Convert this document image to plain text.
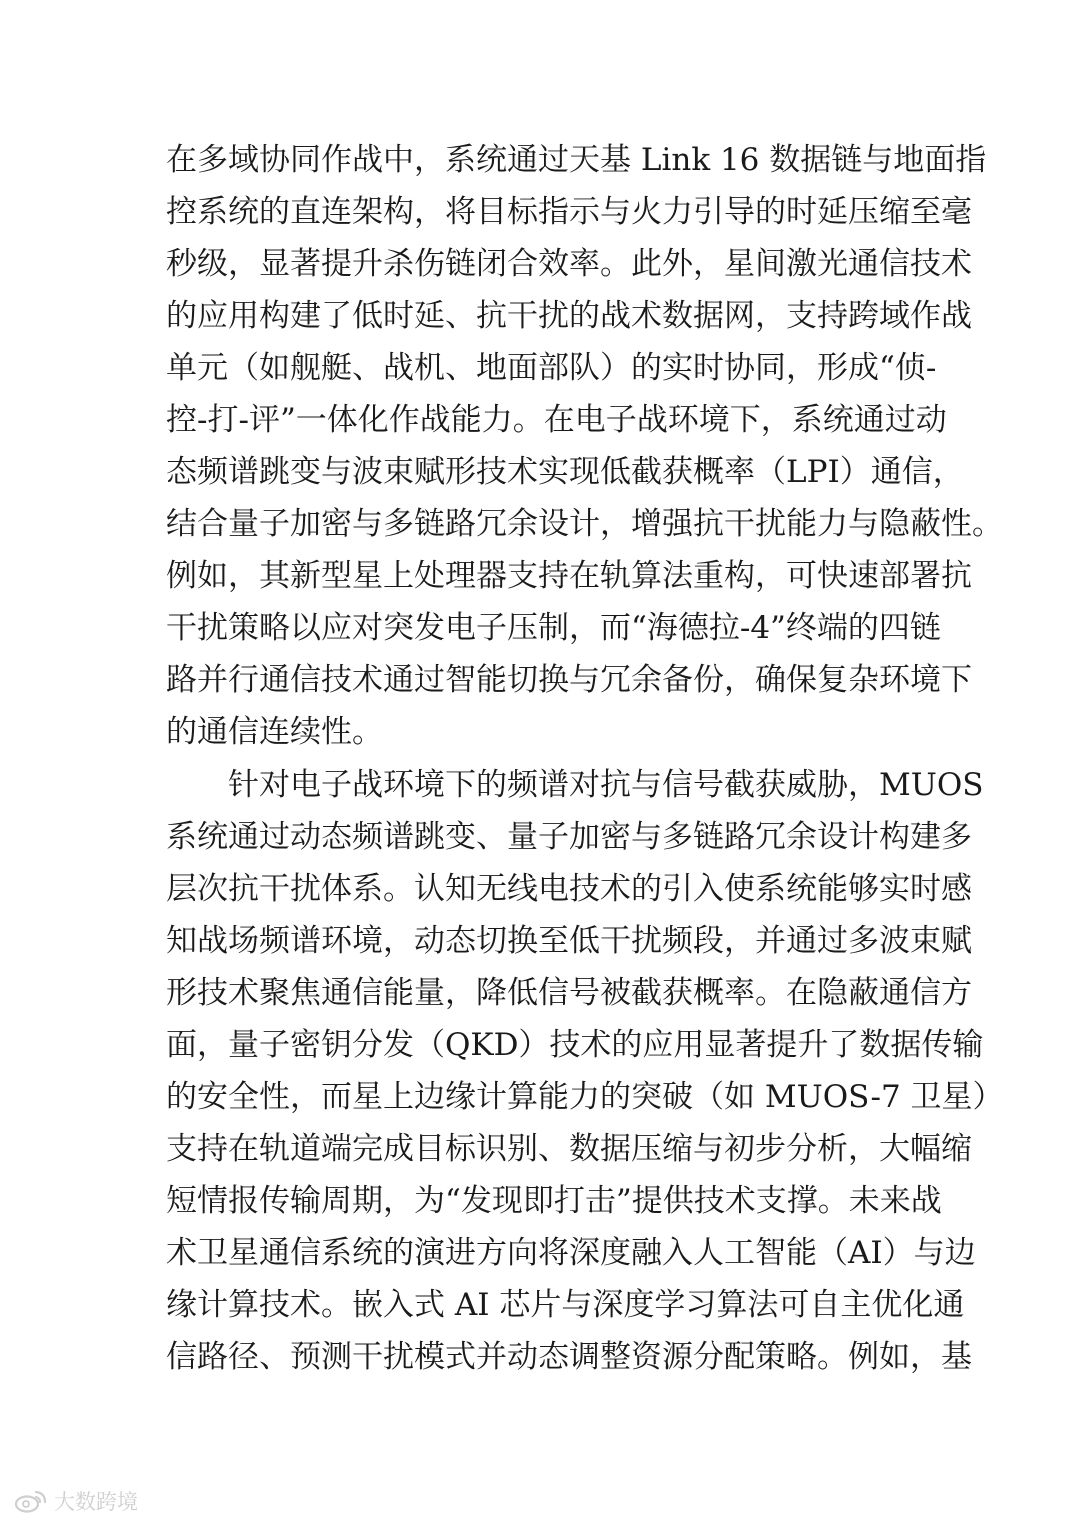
在多域协同作战中，系统通过天基 Link 16 数据链与地面指
控系统的直连架构，将目标指示与火力引导的时延压缩至毫
秒级，显著提升杀伤链闭合效率。此外，星间激光通信技术
的应用构建了低时延、抗干扰的战术数据网，支持跨域作战
单元（如舰艇、战机、地面部队）的实时协同，形成“侦-
控-打-评”一体化作战能力。在电子战环境下，系统通过动
态频谱跳变与波束赋形技术实现低截获概率（LPI）通信，
结合量子加密与多链路冗余设计，增强抗干扰能力与隐蔽性。
例如，其新型星上处理器支持在轨算法重构，可快速部署抗
干扰策略以应对突发电子压制，而“海德拉-4”终端的四链
路并行通信技术通过智能切换与冗余备份，确保复杂环境下
的通信连续性。
　　针对电子战环境下的频谱对抗与信号截获威胁，MUOS
系统通过动态频谱跳变、量子加密与多链路冗余设计构建多
层次抗干扰体系。认知无线电技术的引入使系统能够实时感
知战场频谱环境，动态切换至低干扰频段，并通过多波束赋
形技术聚焦通信能量，降低信号被截获概率。在隐蔽通信方
面，量子密钥分发（QKD）技术的应用显著提升了数据传输
的安全性，而星上边缘计算能力的突破（如 MUOS-7 卫星）
支持在轨道端完成目标识别、数据压缩与初步分析，大幅缩
短情报传输周期，为“发现即打击”提供技术支撑。未来战
术卫星通信系统的演进方向将深度融入人工智能（AI）与边
缘计算技术。嵌入式 AI 芯片与深度学习算法可自主优化通
信路径、预测干扰模式并动态调整资源分配策略。例如，基
大数跨境
